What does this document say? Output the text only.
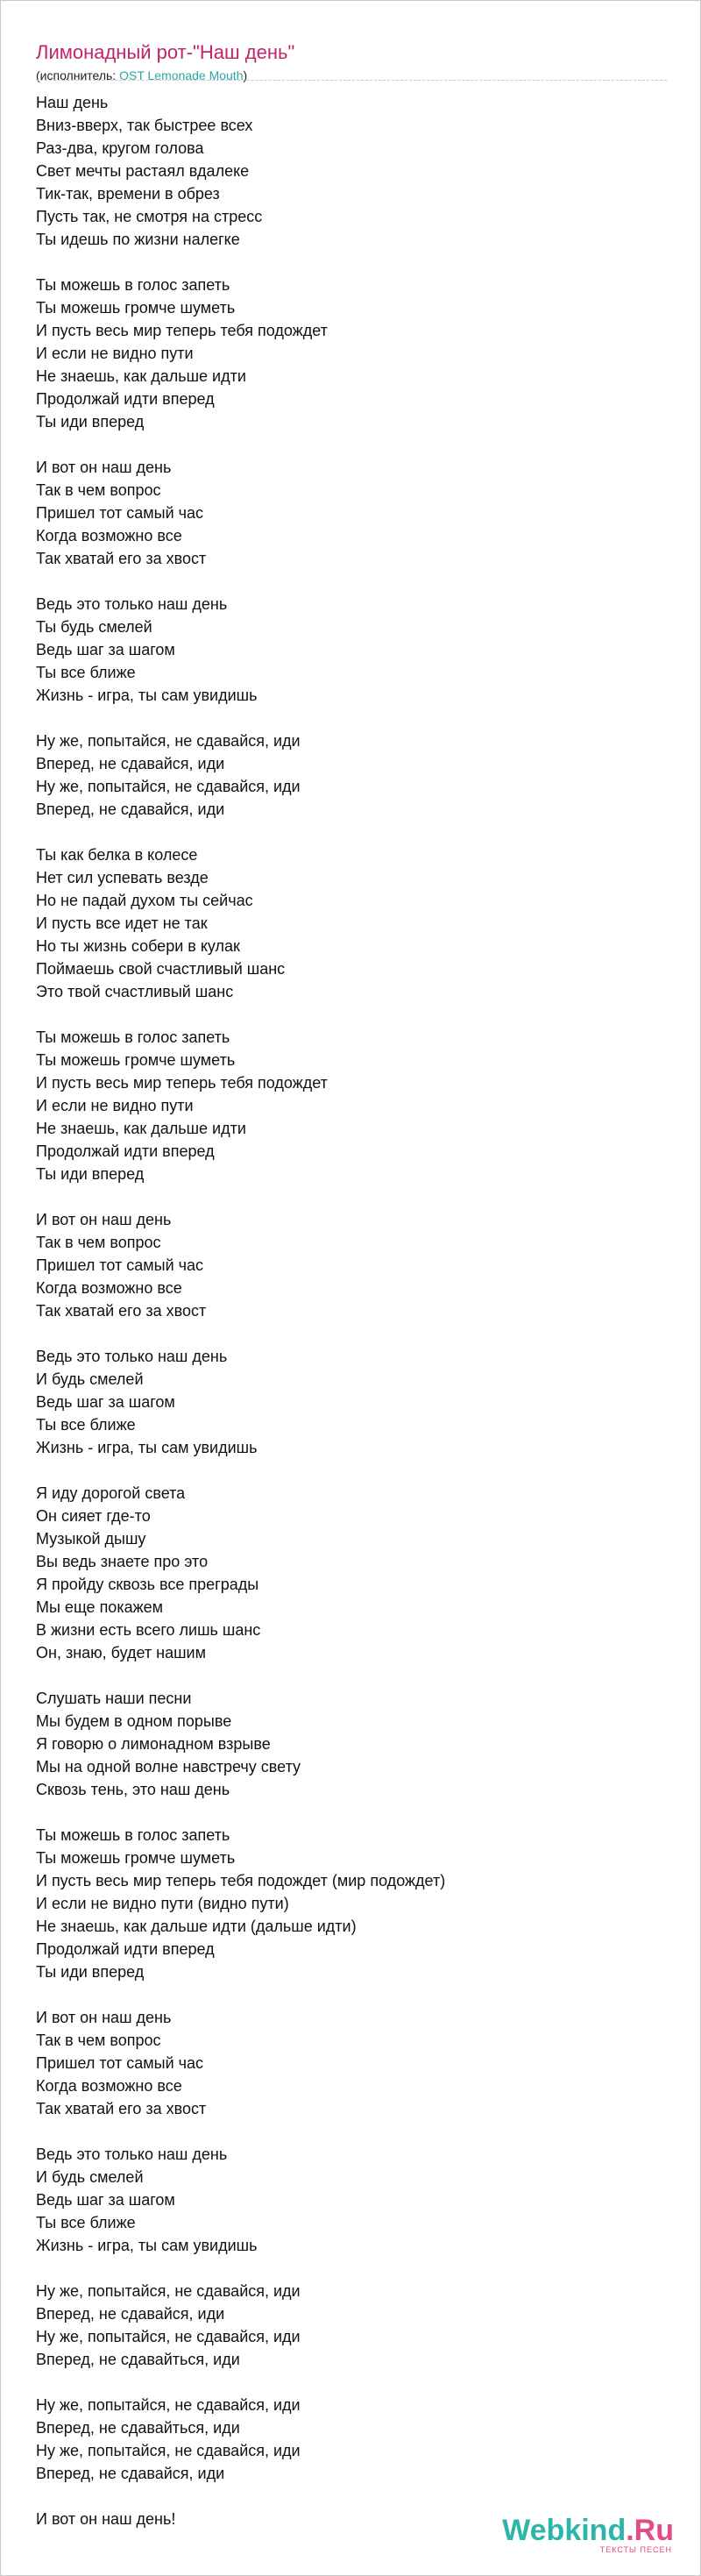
Лимонадный рот-"Наш день"
(исполнитель: OST Lemonade Mouth)
Наш день
Вниз-вверх, так быстрее всех
Раз-два, кругом голова
Свет мечты растаял вдалеке
Тик-так, времени в обрез
Пусть так, не смотря на стресс
Ты идешь по жизни налегке
Ты можешь в голос запеть
Ты можешь громче шуметь
И пусть весь мир теперь тебя подождет
И если не видно пути
Не знаешь, как дальше идти
Продолжай идти вперед
Ты иди вперед
И вот он наш день
Так в чем вопрос
Пришел тот самый час
Когда возможно все
Так хватай его за хвост
Ведь это только наш день
Ты будь смелей
Ведь шаг за шагом
Ты все ближе
Жизнь - игра, ты сам увидишь
Ну же, попытайся, не сдавайся, иди
Вперед, не сдавайся, иди
Ну же, попытайся, не сдавайся, иди
Вперед, не сдавайся, иди
Ты как белка в колесе
Нет сил успевать везде
Но не падай духом ты сейчас
И пусть все идет не так
Но ты жизнь собери в кулак
Поймаешь свой счастливый шанс
Это твой счастливый шанс
Ты можешь в голос запеть
Ты можешь громче шуметь
И пусть весь мир теперь тебя подождет
И если не видно пути
Не знаешь, как дальше идти
Продолжай идти вперед
Ты иди вперед
И вот он наш день
Так в чем вопрос
Пришел тот самый час
Когда возможно все
Так хватай его за хвост
Ведь это только наш день
И будь смелей
Ведь шаг за шагом
Ты все ближе
Жизнь - игра, ты сам увидишь
Я иду дорогой света
Он сияет где-то
Музыкой дышу
Вы ведь знаете про это
Я пройду сквозь все преграды
Мы еще покажем
В жизни есть всего лишь шанс
Он, знаю, будет нашим
Слушать наши песни
Мы будем в одном порыве
Я говорю о лимонадном взрыве
Мы на одной волне навстречу свету
Сквозь тень, это наш день
Ты можешь в голос запеть
Ты можешь громче шуметь
И пусть весь мир теперь тебя подождет (мир подождет)
И если не видно пути (видно пути)
Не знаешь, как дальше идти (дальше идти)
Продолжай идти вперед
Ты иди вперед
И вот он наш день
Так в чем вопрос
Пришел тот самый час
Когда возможно все
Так хватай его за хвост
Ведь это только наш день
И будь смелей
Ведь шаг за шагом
Ты все ближе
Жизнь - игра, ты сам увидишь
Ну же, попытайся, не сдавайся, иди
Вперед, не сдавайся, иди
Ну же, попытайся, не сдавайся, иди
Вперед, не сдавайться, иди
Ну же, попытайся, не сдавайся, иди
Вперед, не сдавайться, иди
Ну же, попытайся, не сдавайся, иди
Вперед, не сдавайся, иди
И вот он наш день!	Webkind.Ru
ТЕКСТЫ ПЕСЕН
